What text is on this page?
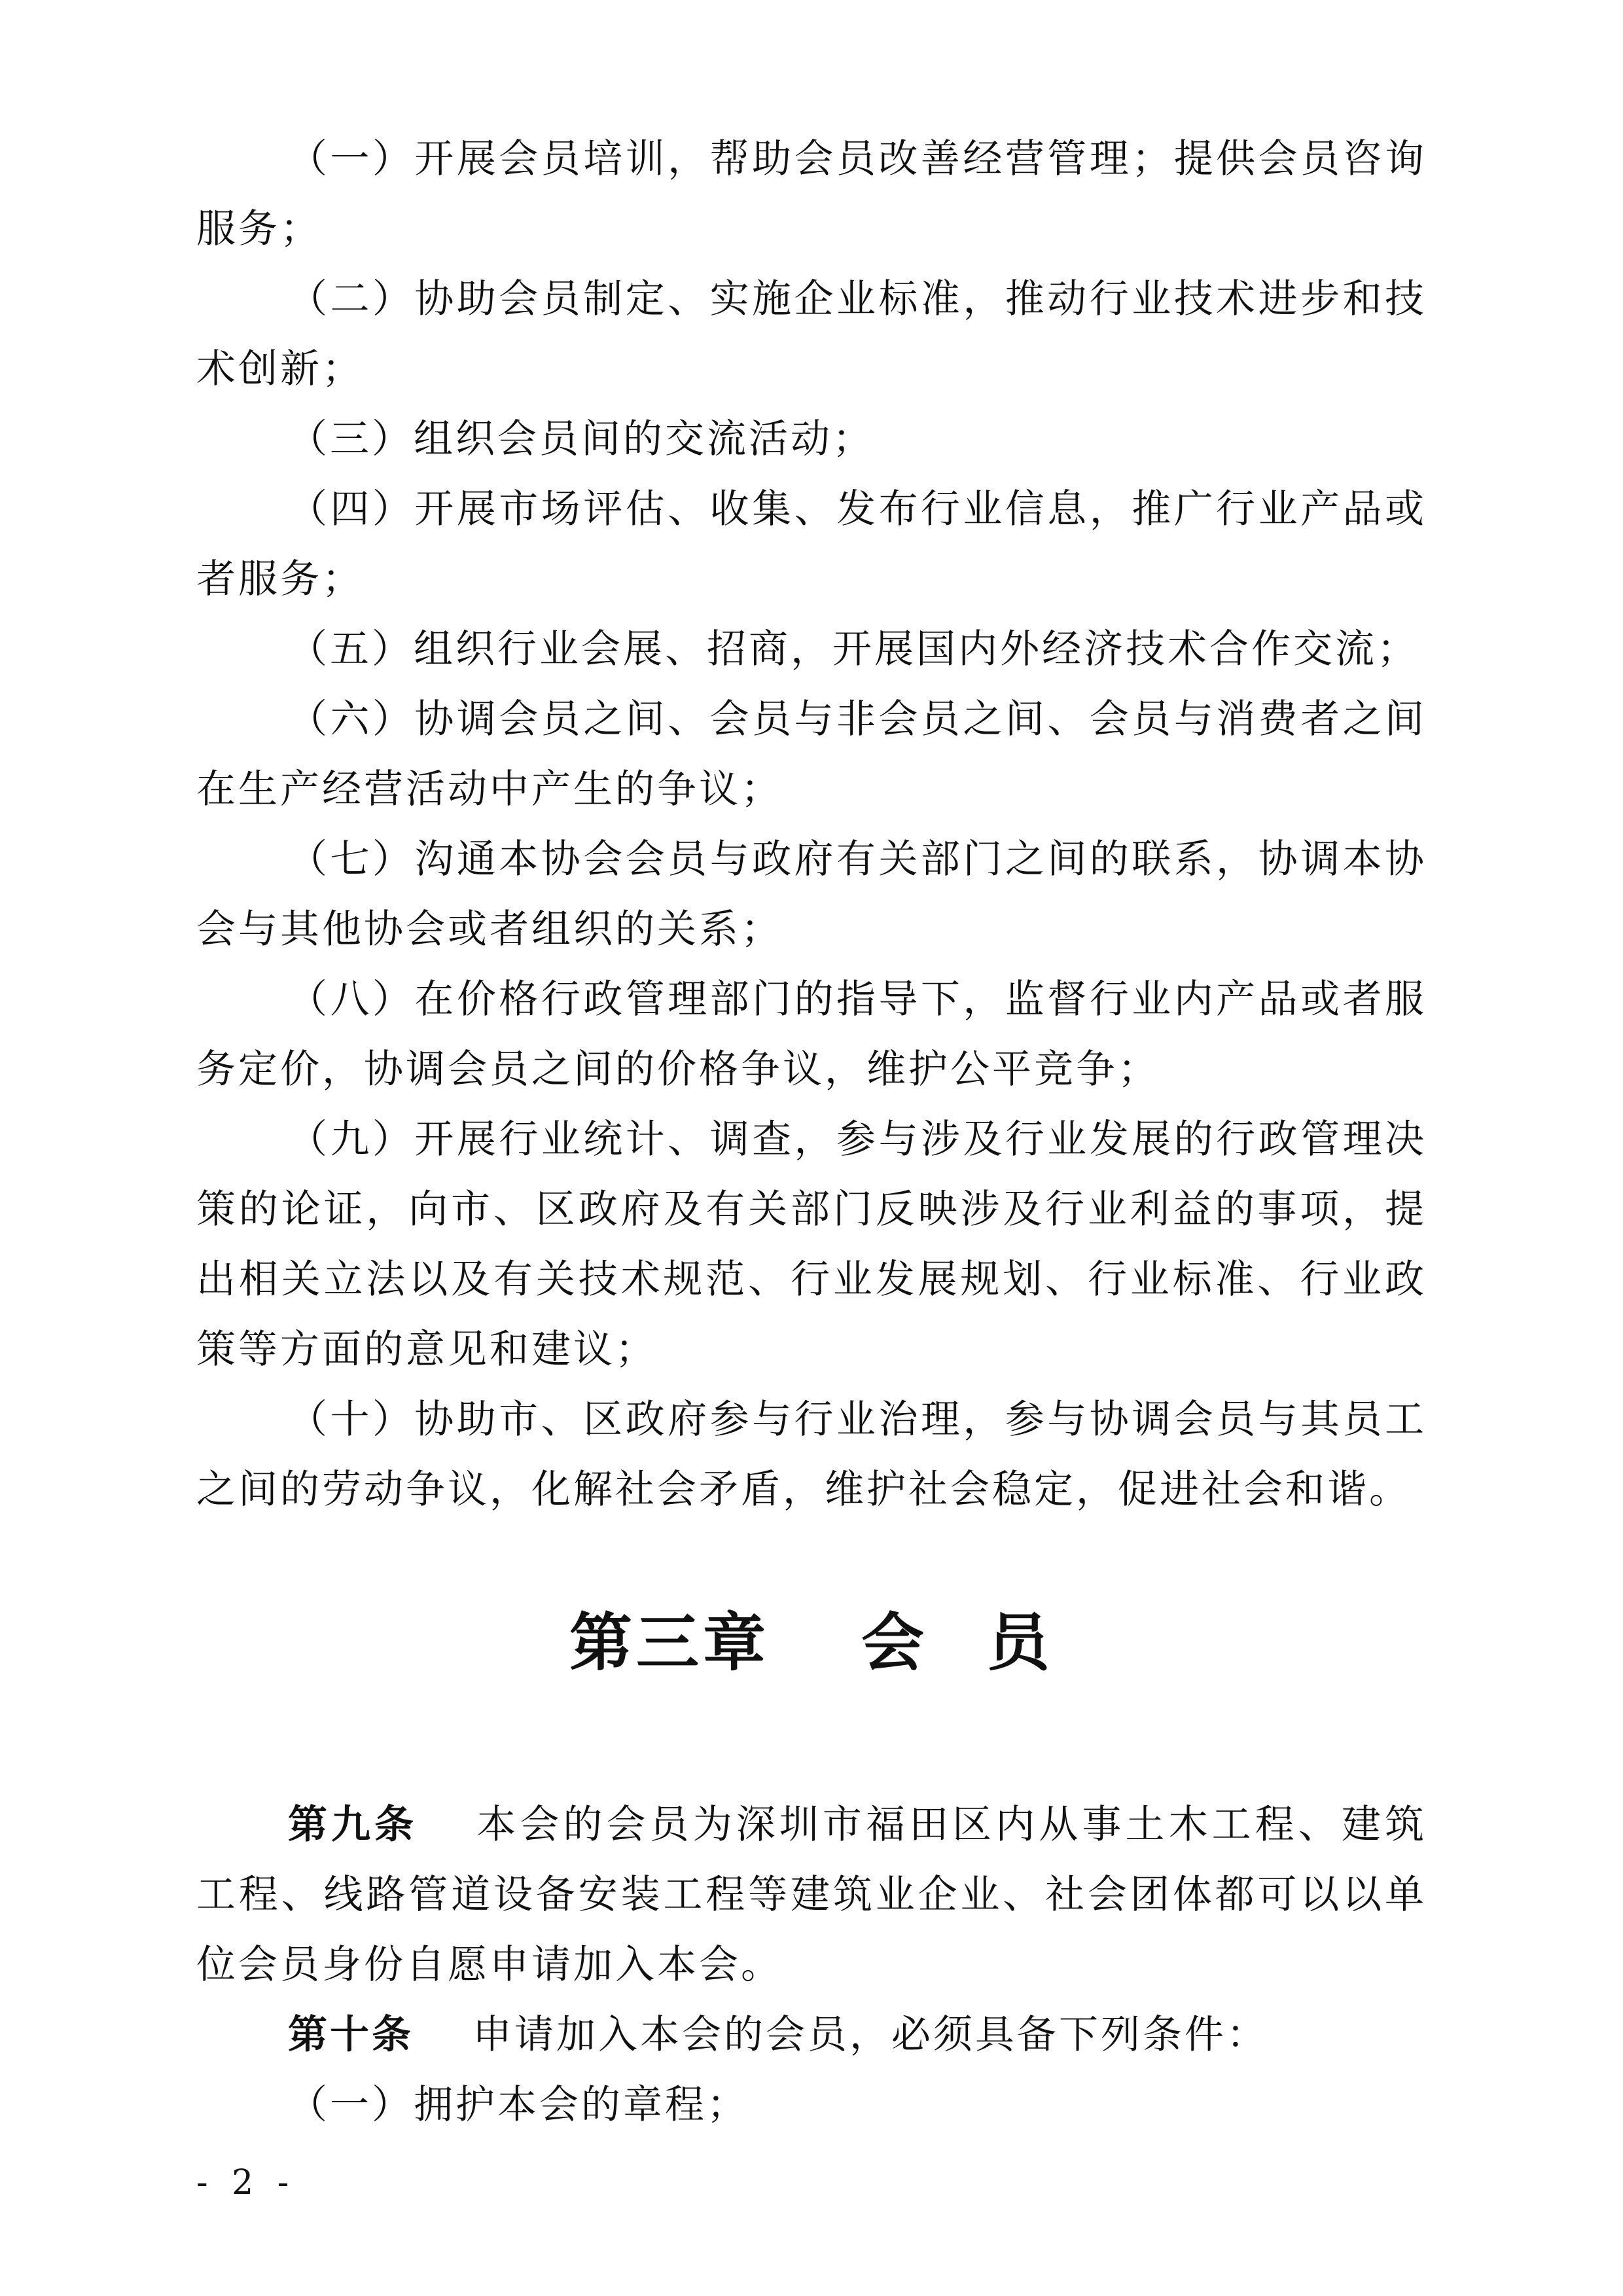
（一）开展会员培训，帮助会员改善经营管理；提供会员咨询服务；

（二）协助会员制定、实施企业标准，推动行业技术进步和技术创新；

（三）组织会员间的交流活动；

（四）开展市场评估、收集、发布行业信息，推广行业产品或者服务；

（五）组织行业会展、招商，开展国内外经济技术合作交流；

（六）协调会员之间、会员与非会员之间、会员与消费者之间在生产经营活动中产生的争议；

（七）沟通本协会会员与政府有关部门之间的联系，协调本协会与其他协会或者组织的关系；

（八）在价格行政管理部门的指导下，监督行业内产品或者服务定价，协调会员之间的价格争议，维护公平竞争；

（九）开展行业统计、调查，参与涉及行业发展的行政管理决策的论证，向市、区政府及有关部门反映涉及行业利益的事项，提出相关立法以及有关技术规范、行业发展规划、行业标准、行业政策等方面的意见和建议；

（十）协助市、区政府参与行业治理，参与协调会员与其员工之间的劳动争议，化解社会矛盾，维护社会稳定，促进社会和谐。

第三章 会 员

第九条 本会的会员为深圳市福田区内从事土木工程、建筑工程、线路管道设备安装工程等建筑业企业、社会团体都可以以单位会员身份自愿申请加入本会。

第十条 申请加入本会的会员，必须具备下列条件：

（一）拥护本会的章程；

- 2 -
